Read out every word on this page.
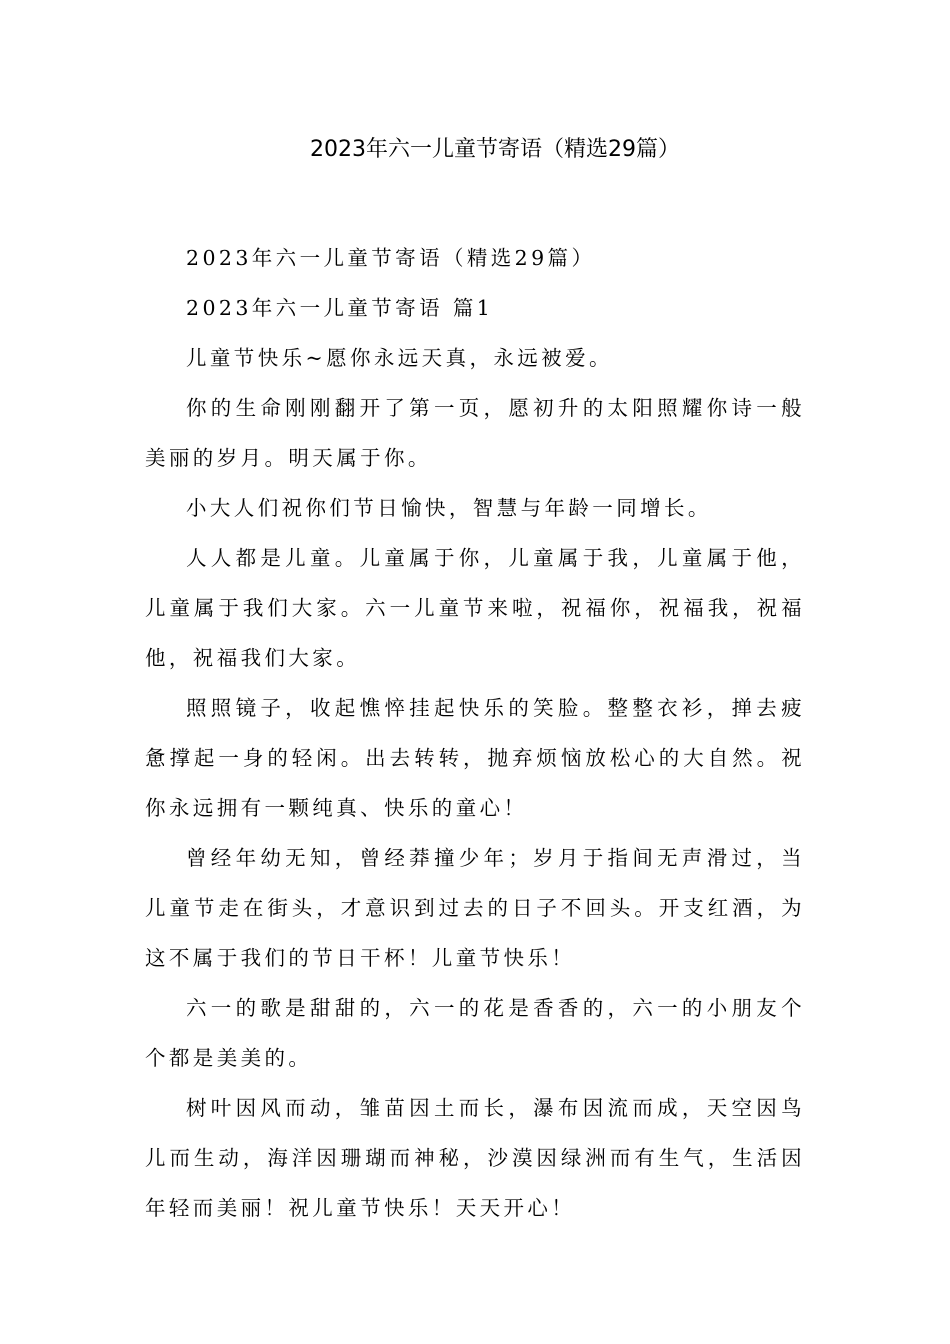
2023年六一儿童节寄语（精选29篇）

2023年六一儿童节寄语（精选29篇）

2023年六一儿童节寄语 篇1

儿童节快乐~愿你永远天真，永远被爱。

你的生命刚刚翻开了第一页，愿初升的太阳照耀你诗一般美丽的岁月。明天属于你。

小大人们祝你们节日愉快，智慧与年龄一同增长。

人人都是儿童。儿童属于你，儿童属于我，儿童属于他，儿童属于我们大家。六一儿童节来啦，祝福你，祝福我，祝福他，祝福我们大家。

照照镜子，收起憔悴挂起快乐的笑脸。整整衣衫，掸去疲惫撑起一身的轻闲。出去转转，抛弃烦恼放松心的大自然。祝你永远拥有一颗纯真、快乐的童心！

曾经年幼无知，曾经莽撞少年；岁月于指间无声滑过，当儿童节走在街头，才意识到过去的日子不回头。开支红酒，为这不属于我们的节日干杯！儿童节快乐！

六一的歌是甜甜的，六一的花是香香的，六一的小朋友个个都是美美的。

树叶因风而动，雏苗因土而长，瀑布因流而成，天空因鸟儿而生动，海洋因珊瑚而神秘，沙漠因绿洲而有生气，生活因年轻而美丽！祝儿童节快乐！天天开心！
